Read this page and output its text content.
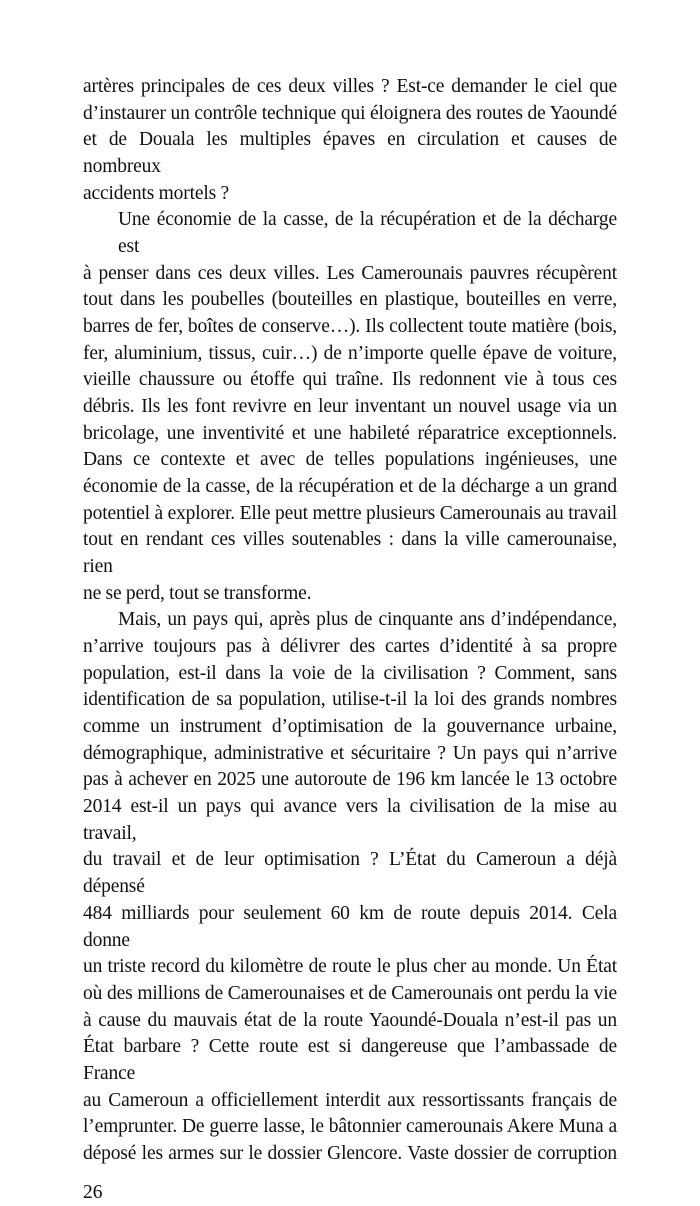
artères principales de ces deux villes ? Est-ce demander le ciel que
d’instaurer un contrôle technique qui éloignera des routes de Yaoundé
et de Douala les multiples épaves en circulation et causes de nombreux
accidents mortels ?
Une économie de la casse, de la récupération et de la décharge est
à penser dans ces deux villes. Les Camerounais pauvres récupèrent
tout dans les poubelles (bouteilles en plastique, bouteilles en verre,
barres de fer, boîtes de conserve…). Ils collectent toute matière (bois,
fer, aluminium, tissus, cuir…) de n’importe quelle épave de voiture,
vieille chaussure ou étoffe qui traîne. Ils redonnent vie à tous ces
débris. Ils les font revivre en leur inventant un nouvel usage via un
bricolage, une inventivité et une habileté réparatrice exceptionnels.
Dans ce contexte et avec de telles populations ingénieuses, une
économie de la casse, de la récupération et de la décharge a un grand
potentiel à explorer. Elle peut mettre plusieurs Camerounais au travail
tout en rendant ces villes soutenables : dans la ville camerounaise, rien
ne se perd, tout se transforme.
Mais, un pays qui, après plus de cinquante ans d’indépendance,
n’arrive toujours pas à délivrer des cartes d’identité à sa propre
population, est-il dans la voie de la civilisation ? Comment, sans
identification de sa population, utilise-t-il la loi des grands nombres
comme un instrument d’optimisation de la gouvernance urbaine,
démographique, administrative et sécuritaire ? Un pays qui n’arrive
pas à achever en 2025 une autoroute de 196 km lancée le 13 octobre
2014 est-il un pays qui avance vers la civilisation de la mise au travail,
du travail et de leur optimisation ? L’État du Cameroun a déjà dépensé
484 milliards pour seulement 60 km de route depuis 2014. Cela donne
un triste record du kilomètre de route le plus cher au monde. Un État
où des millions de Camerounaises et de Camerounais ont perdu la vie
à cause du mauvais état de la route Yaoundé-Douala n’est-il pas un
État barbare ? Cette route est si dangereuse que l’ambassade de France
au Cameroun a officiellement interdit aux ressortissants français de
l’emprunter. De guerre lasse, le bâtonnier camerounais Akere Muna a
déposé les armes sur le dossier Glencore. Vaste dossier de corruption
26
